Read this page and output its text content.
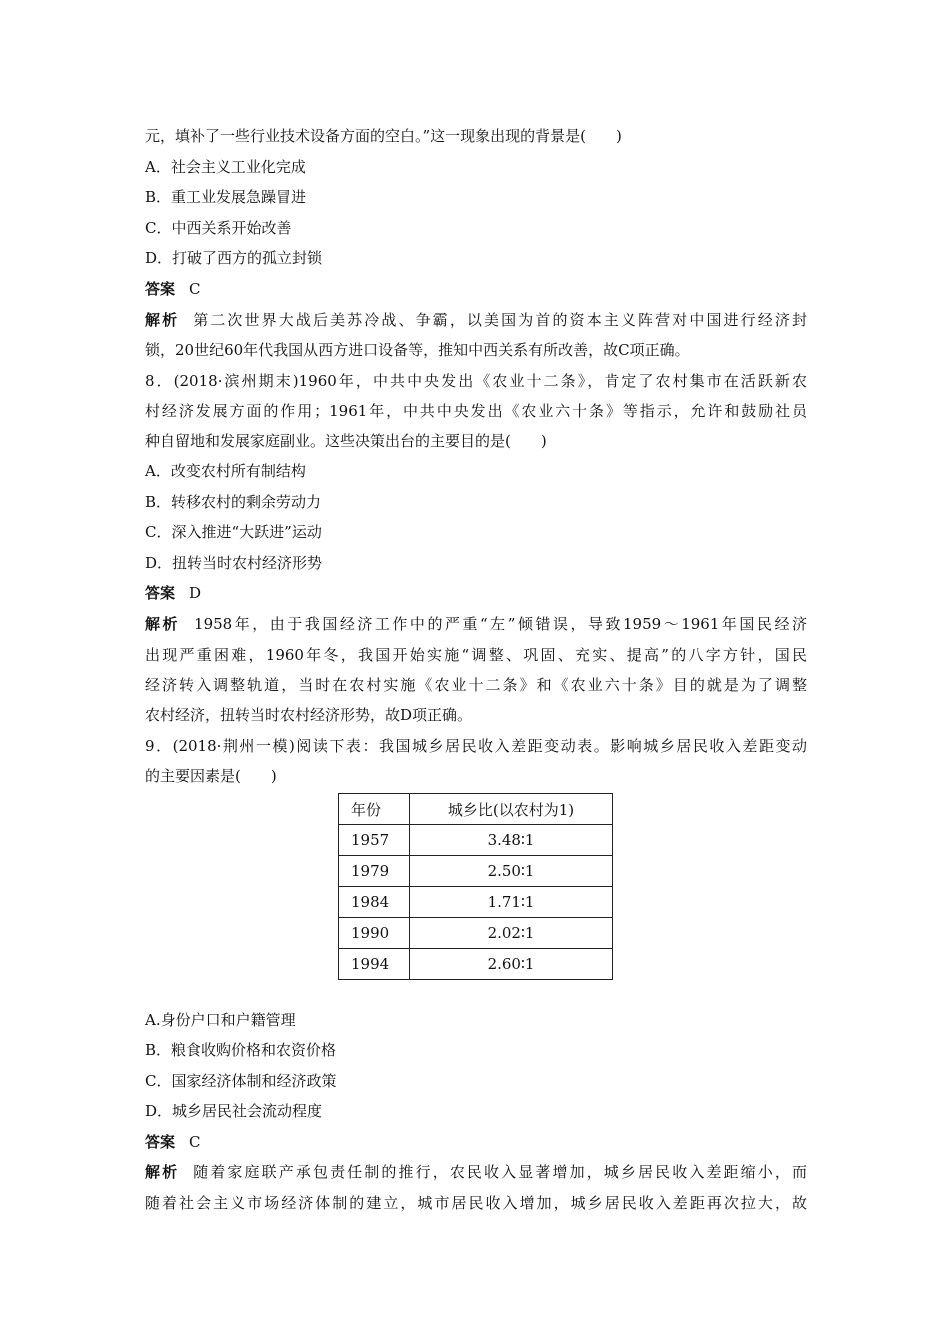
元，填补了一些行业技术设备方面的空白。”这一现象出现的背景是(　　)
A．社会主义工业化完成
B．重工业发展急躁冒进
C．中西关系开始改善
D．打破了西方的孤立封锁
答案 C
解析 第二次世界大战后美苏冷战、争霸，以美国为首的资本主义阵营对中国进行经济封
锁，20世纪60年代我国从西方进口设备等，推知中西关系有所改善，故C项正确。
8．(2018·滨州期末)1960年，中共中央发出《农业十二条》，肯定了农村集市在活跃新农
村经济发展方面的作用；1961年，中共中央发出《农业六十条》等指示，允许和鼓励社员
种自留地和发展家庭副业。这些决策出台的主要目的是(　　)
A．改变农村所有制结构
B．转移农村的剩余劳动力
C．深入推进“大跃进”运动
D．扭转当时农村经济形势
答案 D
解析 1958年，由于我国经济工作中的严重“左”倾错误，导致1959～1961年国民经济
出现严重困难，1960年冬，我国开始实施“调整、巩固、充实、提高”的八字方针，国民
经济转入调整轨道，当时在农村实施《农业十二条》和《农业六十条》目的就是为了调整
农村经济，扭转当时农村经济形势，故D项正确。
9．(2018·荆州一模)阅读下表：我国城乡居民收入差距变动表。影响城乡居民收入差距变动
的主要因素是(　　)
年份	城乡比(以农村为1)
1957	3.48∶1
1979	2.50∶1
1984	1.71∶1
1990	2.02∶1
1994	2.60∶1
A.身份户口和户籍管理
B．粮食收购价格和农资价格
C．国家经济体制和经济政策
D．城乡居民社会流动程度
答案 C
解析 随着家庭联产承包责任制的推行，农民收入显著增加，城乡居民收入差距缩小，而
随着社会主义市场经济体制的建立，城市居民收入增加，城乡居民收入差距再次拉大，故
